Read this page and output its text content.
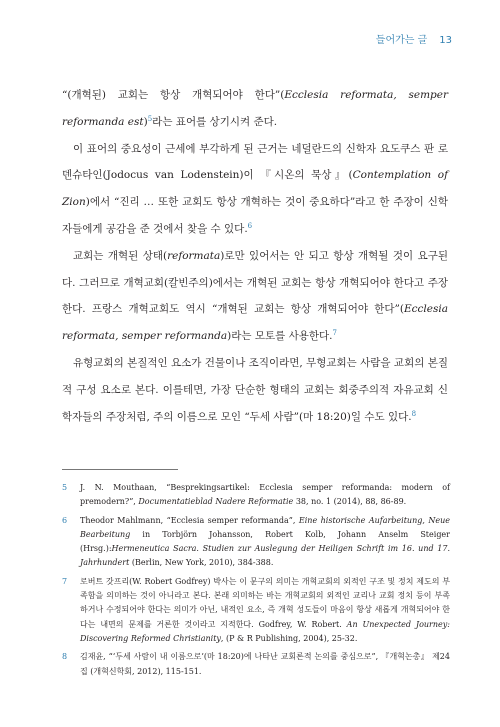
들어가는 글 13

“(개혁된) 교회는 항상 개혁되어야 한다”(Ecclesia reformata, semper reformanda est)$^5$라는 표어를 상기시켜 준다.

이 표어의 중요성이 근세에 부각하게 된 근거는 네덜란드의 신학자 요도쿠스 판 로덴슈타인(Jodocus van Lodenstein)이 『시온의 묵상』(Contemplation of Zion)에서 “진리 … 또한 교회도 항상 개혁하는 것이 중요하다”라고 한 주장이 신학자들에게 공감을 준 것에서 찾을 수 있다.$^6$

교회는 개혁된 상태(reformata)로만 있어서는 안 되고 항상 개혁될 것이 요구된다. 그러므로 개혁교회(칼빈주의)에서는 개혁된 교회는 항상 개혁되어야 한다고 주장한다. 프랑스 개혁교회도 역시 “개혁된 교회는 항상 개혁되어야 한다”(Ecclesia reformata, semper reformanda)라는 모토를 사용한다.$^7$

유형교회의 본질적인 요소가 건물이나 조직이라면, 무형교회는 사람을 교회의 본질적 구성 요소로 본다. 이를테면, 가장 단순한 형태의 교회는 회중주의적 자유교회 신학자들의 주장처럼, 주의 이름으로 모인 “두세 사람”(마 18:20)일 수도 있다.$^8$

5 J. N. Mouthaan, “Besprekingsartikel: Ecclesia semper reformanda: modern of premodern?”, Documentatieblad Nadere Reformatie 38, no. 1 (2014), 88, 86-89.
6 Theodor Mahlmann, “Ecclesia semper reformanda”, Eine historische Aufarbeitung, Neue Bearbeitung in Torbjörn Johansson, Robert Kolb, Johann Anselm Steiger (Hrsg.):Hermeneutica Sacra. Studien zur Auslegung der Heiligen Schrift im 16. und 17. Jahrhundert (Berlin, New York, 2010), 384-388.
7 로버트 갓프리(W. Robert Godfrey) 박사는 이 문구의 의미는 개혁교회의 외적인 구조 및 정치 제도의 부족함을 의미하는 것이 아니라고 본다. 본래 의미하는 바는 개혁교회의 외적인 교리나 교회 정치 등이 부족하거나 수정되어야 한다는 의미가 아닌, 내적인 요소, 즉 개혁 성도들이 마음이 항상 새롭게 개혁되어야 한다는 내면의 문제를 거론한 것이라고 지적한다. Godfrey, W. Robert. An Unexpected Journey: Discovering Reformed Christianity, (P & R Publishing, 2004), 25-32.
8 김재윤, “‘두세 사람이 내 이름으로’(마 18:20)에 나타난 교회론적 논의를 중심으로”, 『개혁논총』 제24집 (개혁신학회, 2012), 115-151.
